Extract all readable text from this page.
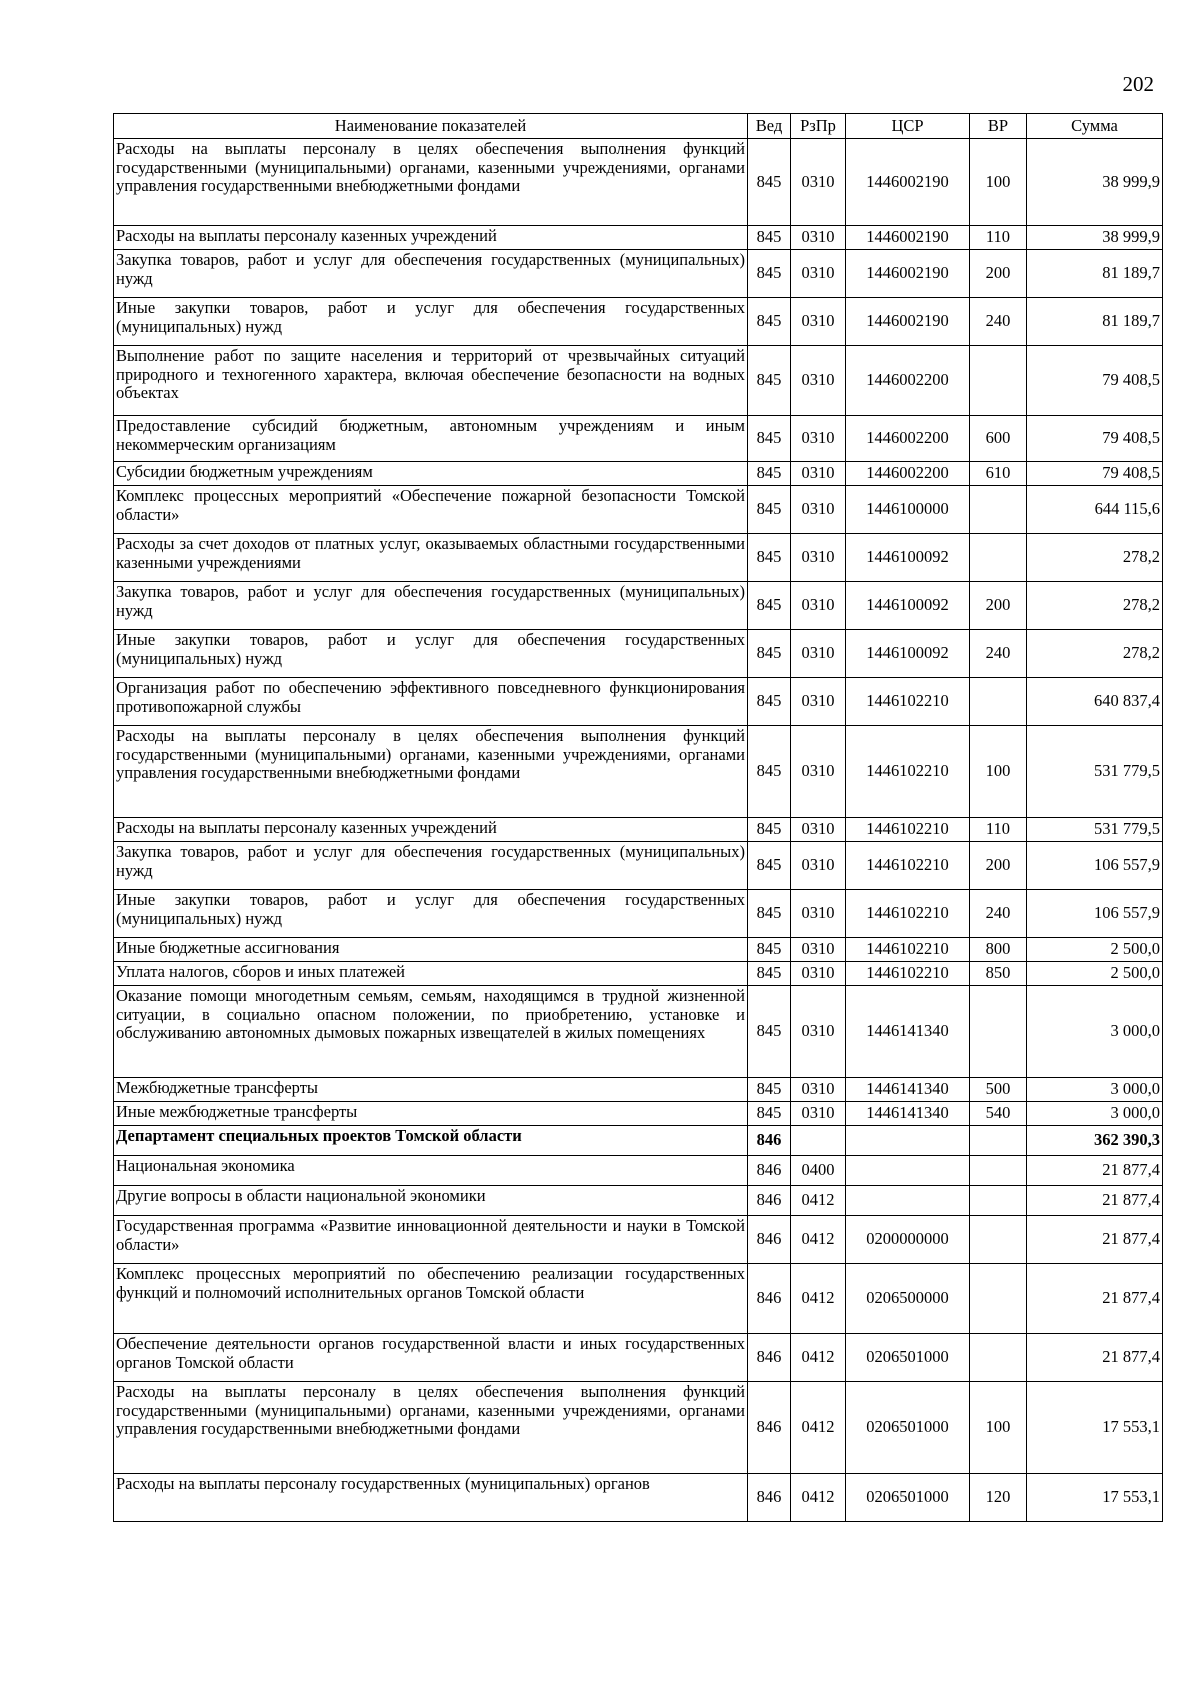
202
Наименование показателей	Вед	РзПр	ЦСР	ВР	Сумма
Расходы на выплаты персоналу в целях обеспечения выполнения функций государственными (муниципальными) органами, казенными учреждениями, органами управления государственными внебюджетными фондами	845	0310	1446002190	100	38 999,9
Расходы на выплаты персоналу казенных учреждений	845	0310	1446002190	110	38 999,9
Закупка товаров, работ и услуг для обеспечения государственных (муниципальных) нужд	845	0310	1446002190	200	81 189,7
Иные закупки товаров, работ и услуг для обеспечения государственных (муниципальных) нужд	845	0310	1446002190	240	81 189,7
Выполнение работ по защите населения и территорий от чрезвычайных ситуаций природного и техногенного характера, включая обеспечение безопасности на водных объектах	845	0310	1446002200		79 408,5
Предоставление субсидий бюджетным, автономным учреждениям и иным некоммерческим организациям	845	0310	1446002200	600	79 408,5
Субсидии бюджетным учреждениям	845	0310	1446002200	610	79 408,5
Комплекс процессных мероприятий «Обеспечение пожарной безопасности Томской области»	845	0310	1446100000		644 115,6
Расходы за счет доходов от платных услуг, оказываемых областными государственными казенными учреждениями	845	0310	1446100092		278,2
Закупка товаров, работ и услуг для обеспечения государственных (муниципальных) нужд	845	0310	1446100092	200	278,2
Иные закупки товаров, работ и услуг для обеспечения государственных (муниципальных) нужд	845	0310	1446100092	240	278,2
Организация работ по обеспечению эффективного повседневного функционирования противопожарной службы	845	0310	1446102210		640 837,4
Расходы на выплаты персоналу в целях обеспечения выполнения функций государственными (муниципальными) органами, казенными учреждениями, органами управления государственными внебюджетными фондами	845	0310	1446102210	100	531 779,5
Расходы на выплаты персоналу казенных учреждений	845	0310	1446102210	110	531 779,5
Закупка товаров, работ и услуг для обеспечения государственных (муниципальных) нужд	845	0310	1446102210	200	106 557,9
Иные закупки товаров, работ и услуг для обеспечения государственных (муниципальных) нужд	845	0310	1446102210	240	106 557,9
Иные бюджетные ассигнования	845	0310	1446102210	800	2 500,0
Уплата налогов, сборов и иных платежей	845	0310	1446102210	850	2 500,0
Оказание помощи многодетным семьям, семьям, находящимся в трудной жизненной ситуации, в социально опасном положении, по приобретению, установке и обслуживанию автономных дымовых пожарных извещателей в жилых помещениях	845	0310	1446141340		3 000,0
Межбюджетные трансферты	845	0310	1446141340	500	3 000,0
Иные межбюджетные трансферты	845	0310	1446141340	540	3 000,0
Департамент специальных проектов Томской области	846				362 390,3
Национальная экономика	846	0400			21 877,4
Другие вопросы в области национальной экономики	846	0412			21 877,4
Государственная программа «Развитие инновационной деятельности и науки в Томской области»	846	0412	0200000000		21 877,4
Комплекс процессных мероприятий по обеспечению реализации государственных функций и полномочий исполнительных органов Томской области	846	0412	0206500000		21 877,4
Обеспечение деятельности органов государственной власти и иных государственных органов Томской области	846	0412	0206501000		21 877,4
Расходы на выплаты персоналу в целях обеспечения выполнения функций государственными (муниципальными) органами, казенными учреждениями, органами управления государственными внебюджетными фондами	846	0412	0206501000	100	17 553,1
Расходы на выплаты персоналу государственных (муниципальных) органов	846	0412	0206501000	120	17 553,1
